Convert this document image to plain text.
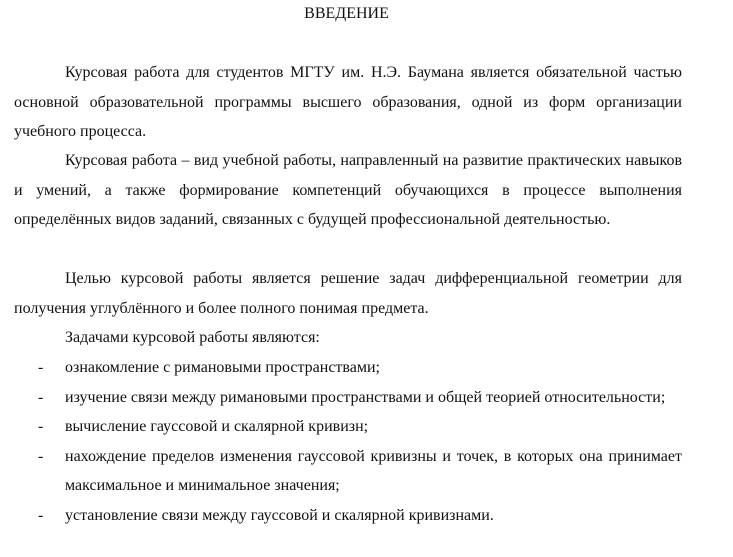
ВВЕДЕНИЕ

Курсовая работа для студентов МГТУ им. Н.Э. Баумана является обязательной частью основной образовательной программы высшего образования, одной из форм организации учебного процесса.

Курсовая работа – вид учебной работы, направленный на развитие практических навыков и умений, а также формирование компетенций обучающихся в процессе выполнения определённых видов заданий, связанных с будущей профессиональной деятельностью.

Целью курсовой работы является решение задач дифференциальной геометрии для получения углублённого и более полного понимая предмета.

Задачами курсовой работы являются:

- ознакомление с римановыми пространствами;
- изучение связи между римановыми пространствами и общей теорией относительности;
- вычисление гауссовой и скалярной кривизн;
- нахождение пределов изменения гауссовой кривизны и точек, в которых она принимает максимальное и минимальное значения;
- установление связи между гауссовой и скалярной кривизнами.
